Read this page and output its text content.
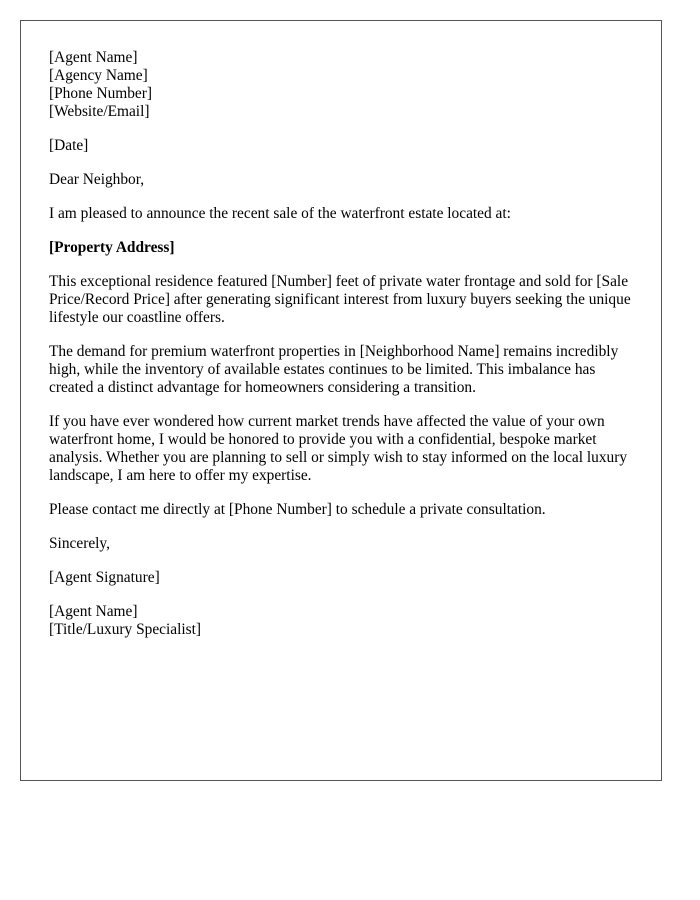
[Agent Name]
[Agency Name]
[Phone Number]
[Website/Email]

[Date]

Dear Neighbor,

I am pleased to announce the recent sale of the waterfront estate located at:

[Property Address]

This exceptional residence featured [Number] feet of private water frontage and sold for [Sale Price/Record Price] after generating significant interest from luxury buyers seeking the unique lifestyle our coastline offers.

The demand for premium waterfront properties in [Neighborhood Name] remains incredibly high, while the inventory of available estates continues to be limited. This imbalance has created a distinct advantage for homeowners considering a transition.

If you have ever wondered how current market trends have affected the value of your own waterfront home, I would be honored to provide you with a confidential, bespoke market analysis. Whether you are planning to sell or simply wish to stay informed on the local luxury landscape, I am here to offer my expertise.

Please contact me directly at [Phone Number] to schedule a private consultation.

Sincerely,

[Agent Signature]

[Agent Name]
[Title/Luxury Specialist]
